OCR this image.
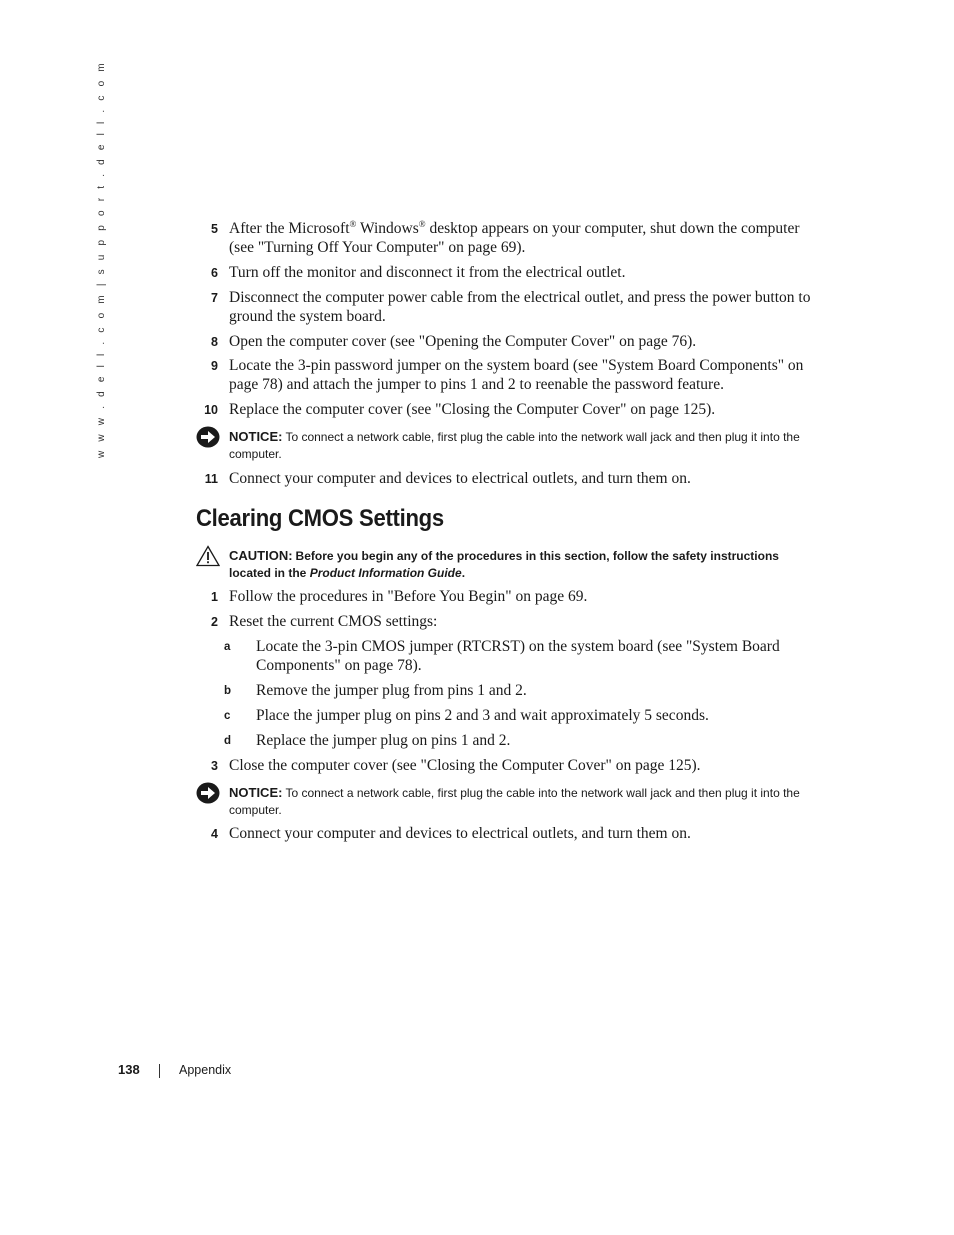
w w w . d e l l . c o m | s u p p o r t . d e l l . c o m	5 After the Microsoft® Windows® desktop appears on your computer, shut down the computer (see "Turning Off Your Computer" on page 69).
6 Turn off the monitor and disconnect it from the electrical outlet.
7 Disconnect the computer power cable from the electrical outlet, and press the power button to ground the system board.
8 Open the computer cover (see "Opening the Computer Cover" on page 76).
9 Locate the 3-pin password jumper on the system board (see "System Board Components" on page 78) and attach the jumper to pins 1 and 2 to reenable the password feature.
10 Replace the computer cover (see "Closing the Computer Cover" on page 125).
NOTICE: To connect a network cable, first plug the cable into the network wall jack and then plug it into the computer.
11 Connect your computer and devices to electrical outlets, and turn them on.
Clearing CMOS Settings
CAUTION: Before you begin any of the procedures in this section, follow the safety instructions located in the Product Information Guide.
1 Follow the procedures in "Before You Begin" on page 69.
2 Reset the current CMOS settings:
a	Locate the 3-pin CMOS jumper (RTCRST) on the system board (see "System Board Components" on page 78).
b	Remove the jumper plug from pins 1 and 2.
c	Place the jumper plug on pins 2 and 3 and wait approximately 5 seconds.
d	Replace the jumper plug on pins 1 and 2.
3 Close the computer cover (see "Closing the Computer Cover" on page 125).
NOTICE: To connect a network cable, first plug the cable into the network wall jack and then plug it into the computer.
4 Connect your computer and devices to electrical outlets, and turn them on.
138	Appendix
